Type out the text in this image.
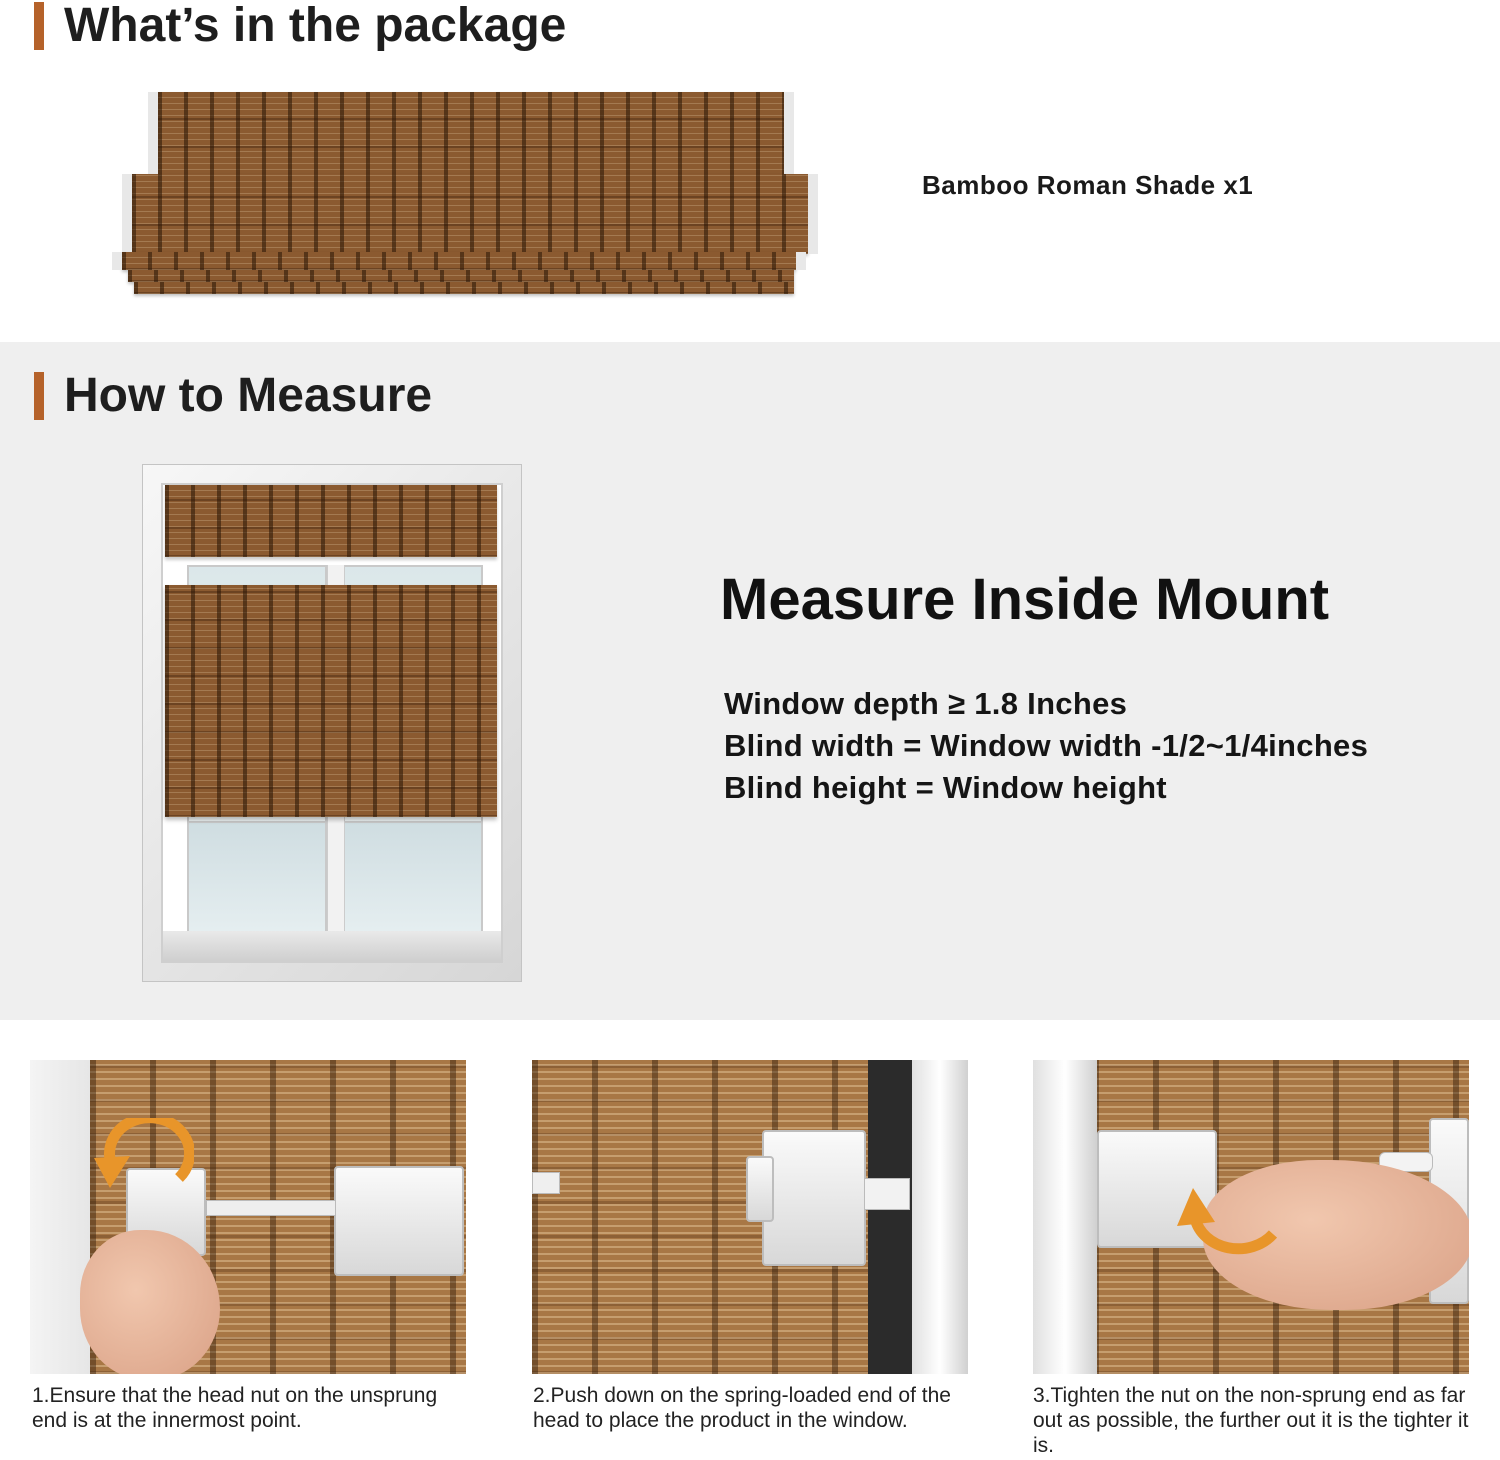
What’s in the package
Bamboo Roman Shade x1
How to Measure
Measure Inside Mount
Window depth ≥ 1.8 Inches
Blind width = Window width -1/2~1/4inches
Blind height = Window height
1.Ensure that the head nut on the unsprung end is at the innermost point.
2.Push down on the spring-loaded end of the head to place the product in the window.
3.Tighten the nut on the non-sprung end as far out as possible, the further out it is the tighter it is.
